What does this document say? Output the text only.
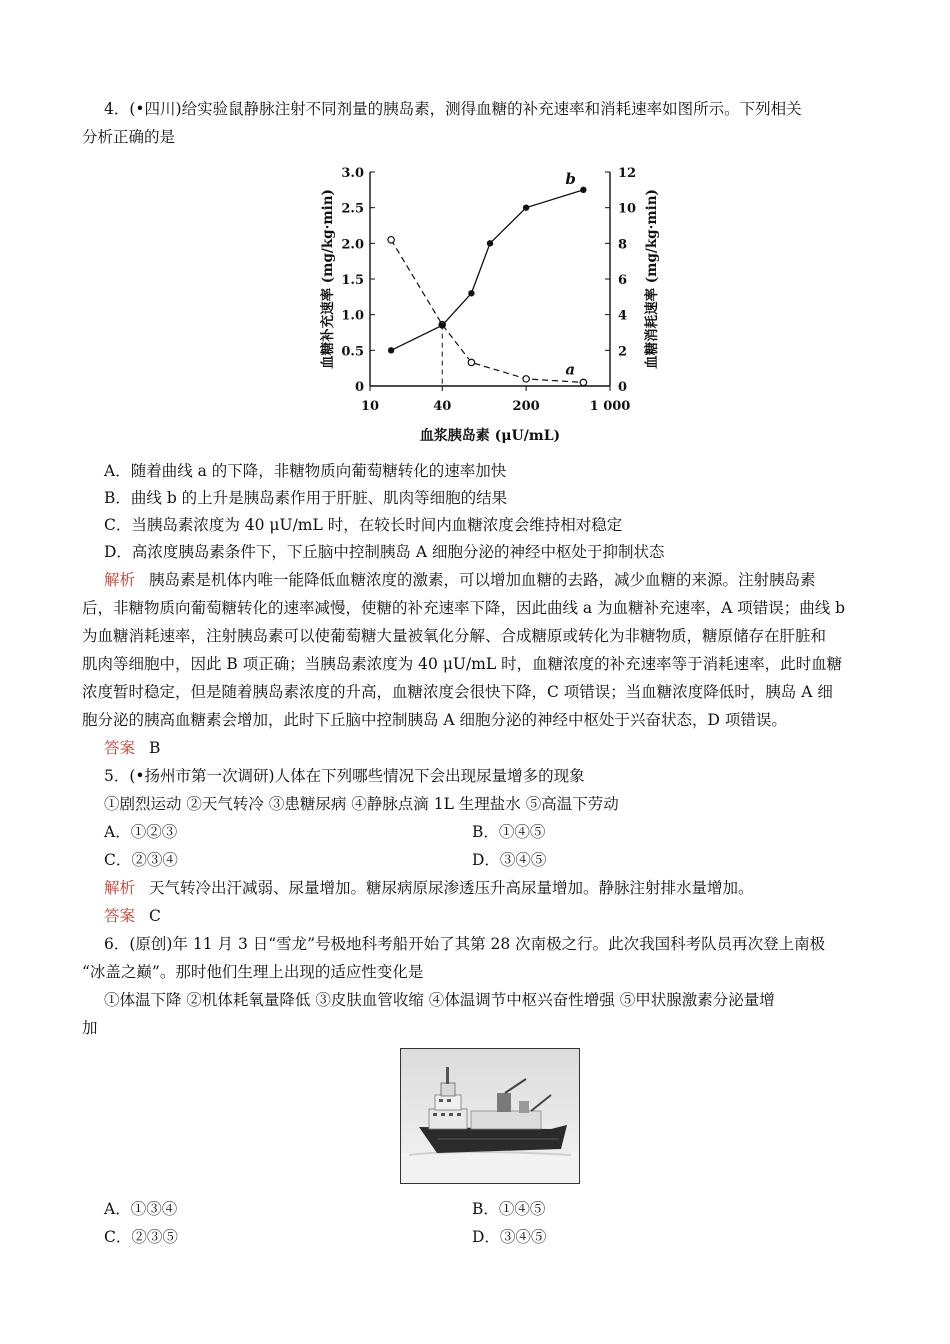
4．(•四川)给实验鼠静脉注射不同剂量的胰岛素，测得血糖的补充速率和消耗速率如图所示。下列相关
分析正确的是
0
0.5
1.0
1.5
2.0
2.5
3.0
0
2
4
6
8
10
12
10	40	200	1 000
血浆胰岛素 (μU/mL)
血糖补充速率 (mg/kg·min)	血糖消耗速率 (mg/kg·min)
a
b
A．随着曲线 a 的下降，非糖物质向葡萄糖转化的速率加快
B．曲线 b 的上升是胰岛素作用于肝脏、肌肉等细胞的结果
C．当胰岛素浓度为 40 μU/mL 时，在较长时间内血糖浓度会维持相对稳定
D．高浓度胰岛素条件下，下丘脑中控制胰岛 A 细胞分泌的神经中枢处于抑制状态
解析 胰岛素是机体内唯一能降低血糖浓度的激素，可以增加血糖的去路，减少血糖的来源。注射胰岛素
后，非糖物质向葡萄糖转化的速率减慢，使糖的补充速率下降，因此曲线 a 为血糖补充速率，A 项错误；曲线 b
为血糖消耗速率，注射胰岛素可以使葡萄糖大量被氧化分解、合成糖原或转化为非糖物质，糖原储存在肝脏和
肌肉等细胞中，因此 B 项正确；当胰岛素浓度为 40 μU/mL 时，血糖浓度的补充速率等于消耗速率，此时血糖
浓度暂时稳定，但是随着胰岛素浓度的升高，血糖浓度会很快下降，C 项错误；当血糖浓度降低时，胰岛 A 细
胞分泌的胰高血糖素会增加，此时下丘脑中控制胰岛 A 细胞分泌的神经中枢处于兴奋状态，D 项错误。
答案 B
5．(•扬州市第一次调研)人体在下列哪些情况下会出现尿量增多的现象
①剧烈运动 ②天气转冷 ③患糖尿病 ④静脉点滴 1L 生理盐水 ⑤高温下劳动
A．①②③	B．①④⑤
C．②③④	D．③④⑤
解析 天气转冷出汗减弱、尿量增加。糖尿病原尿渗透压升高尿量增加。静脉注射排水量增加。
答案 C
6．(原创)年 11 月 3 日“雪龙”号极地科考船开始了其第 28 次南极之行。此次我国科考队员再次登上南极
“冰盖之巅”。那时他们生理上出现的适应性变化是
①体温下降 ②机体耗氧量降低 ③皮肤血管收缩 ④体温调节中枢兴奋性增强 ⑤甲状腺激素分泌量增
加
A．①③④	B．①④⑤
C．②③⑤	D．③④⑤
